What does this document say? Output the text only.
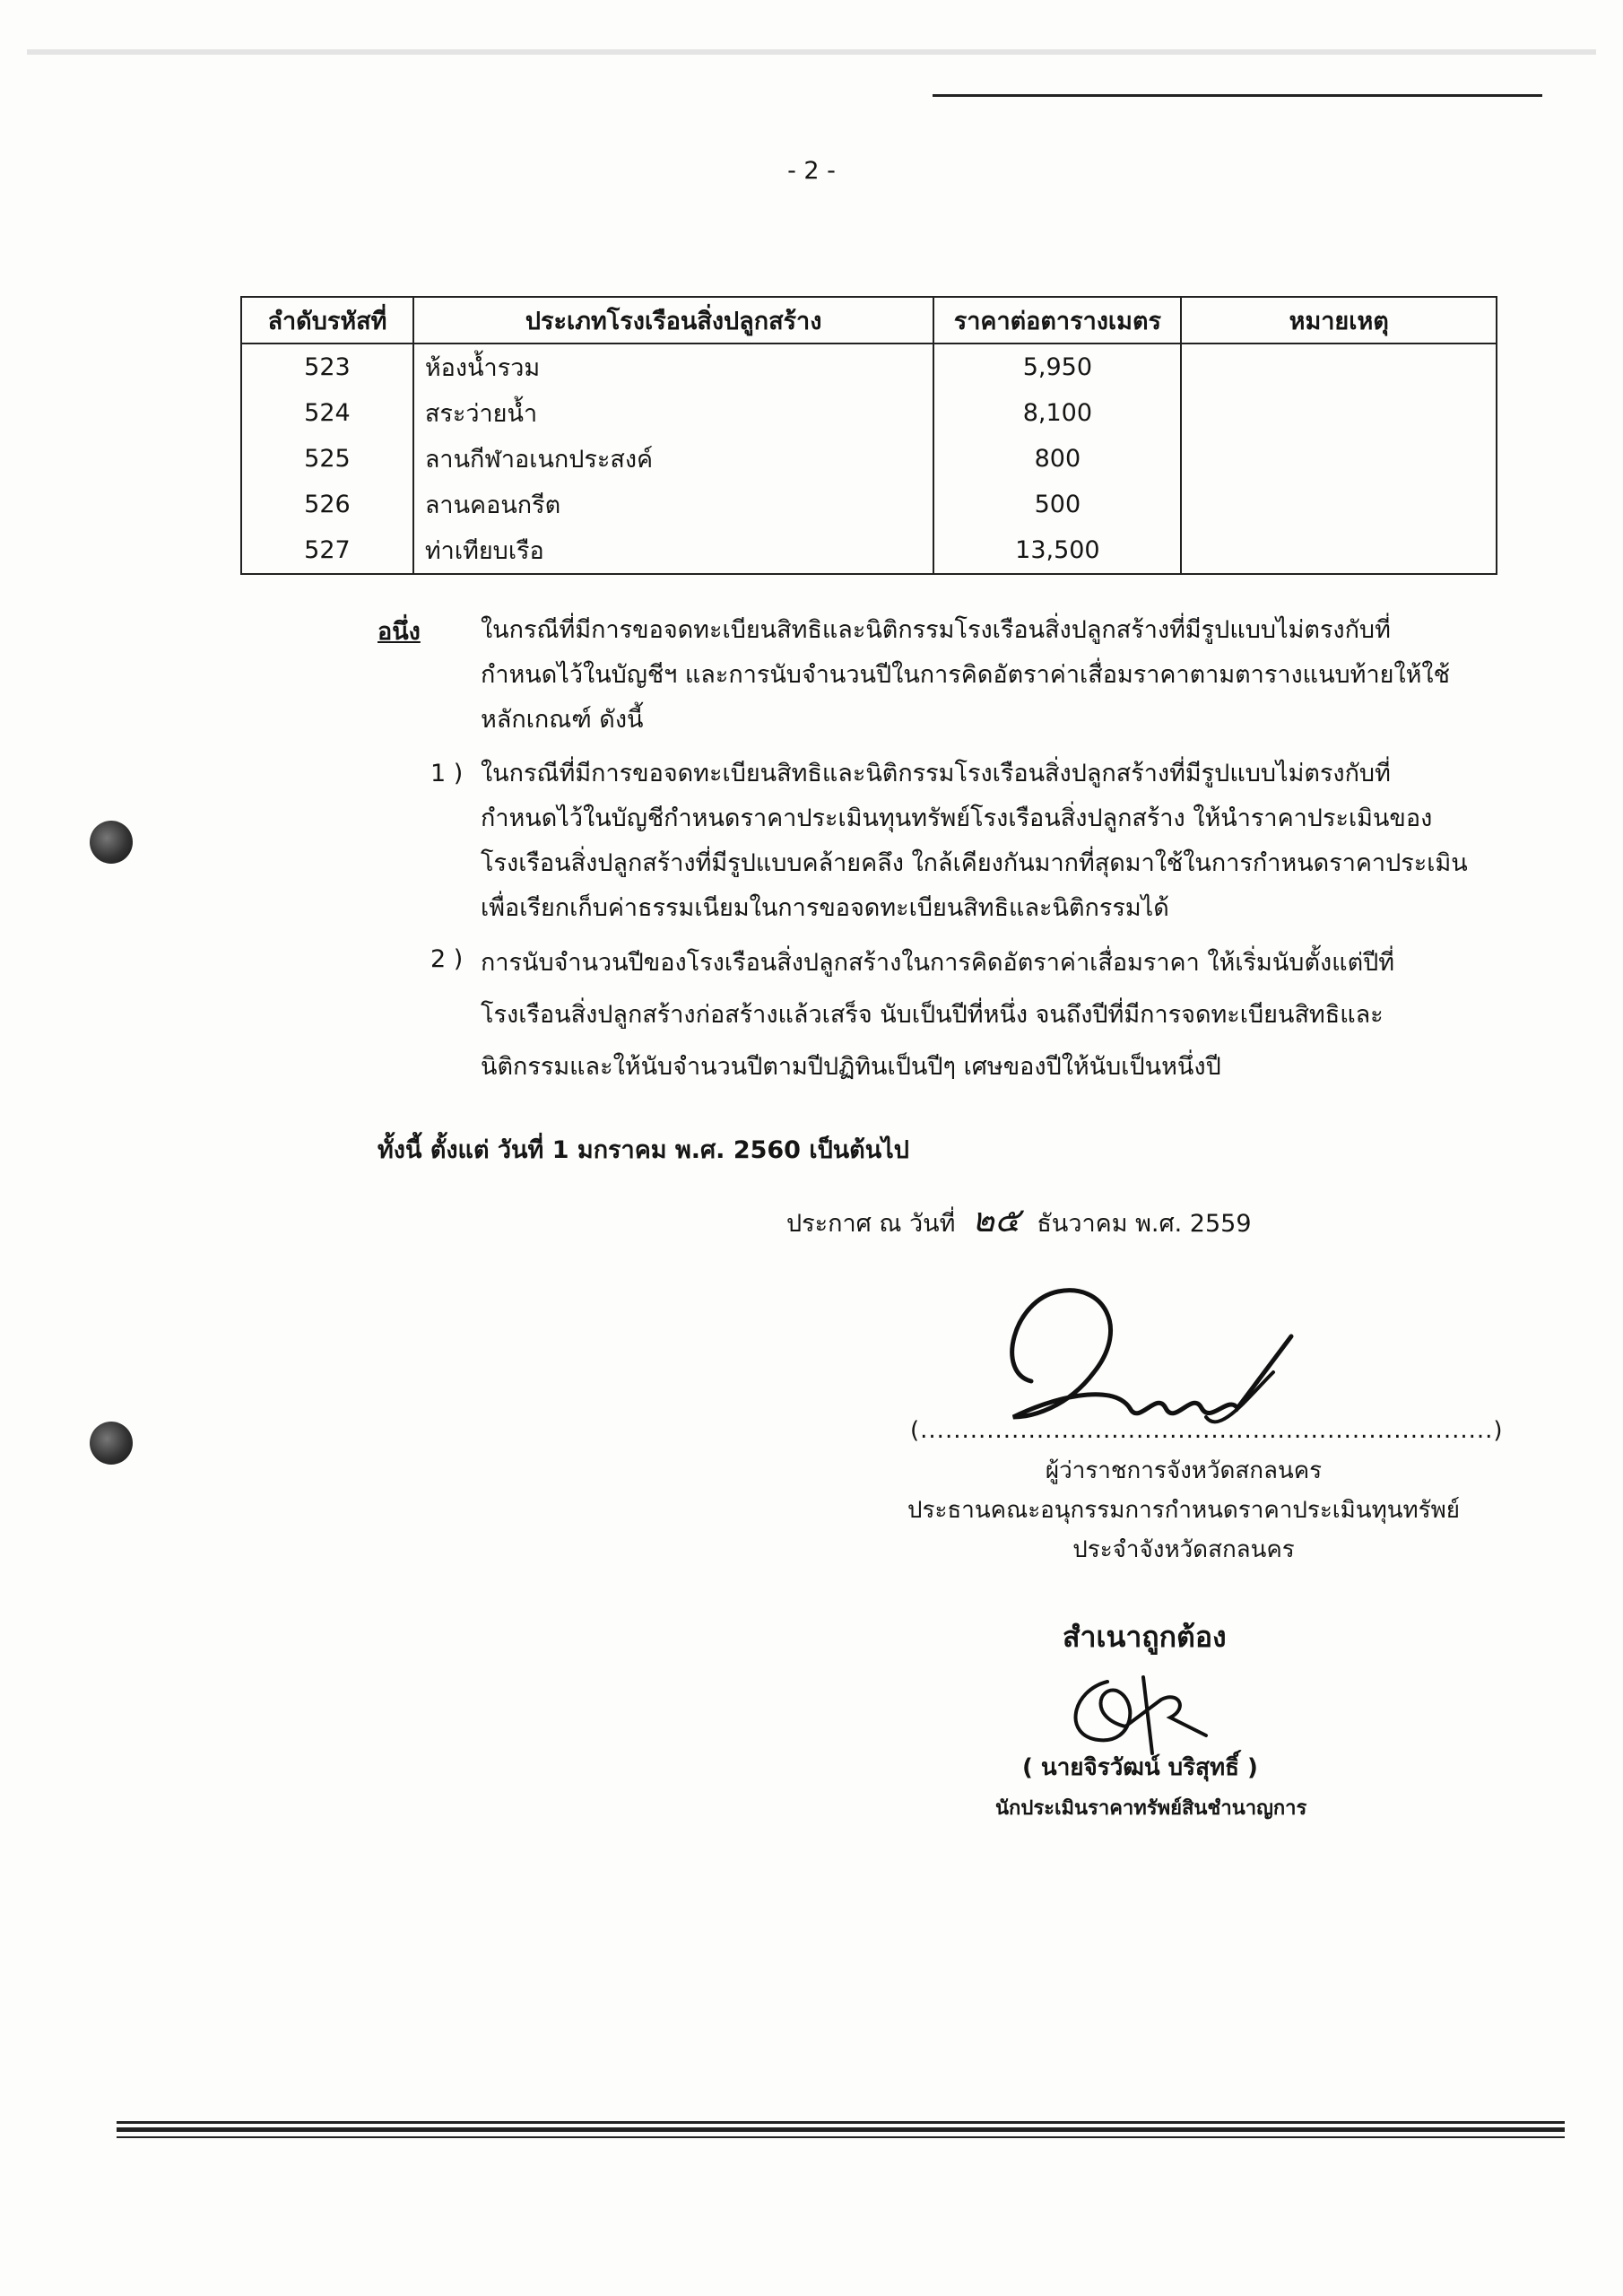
- 2 -
ลำดับรหัสที่	ประเภทโรงเรือนสิ่งปลูกสร้าง	ราคาต่อตารางเมตร	หมายเหตุ
523	ห้องน้ำรวม	5,950	
524	สระว่ายน้ำ	8,100	
525	ลานกีฬาอเนกประสงค์	800	
526	ลานคอนกรีต	500	
527	ท่าเทียบเรือ	13,500	
อนึ่ง ในกรณีที่มีการขอจดทะเบียนสิทธิและนิติกรรมโรงเรือนสิ่งปลูกสร้างที่มีรูปแบบไม่ตรงกับที่
กำหนดไว้ในบัญชีฯ และการนับจำนวนปีในการคิดอัตราค่าเสื่อมราคาตามตารางแนบท้ายให้ใช้
หลักเกณฑ์ ดังนี้
1 ) ในกรณีที่มีการขอจดทะเบียนสิทธิและนิติกรรมโรงเรือนสิ่งปลูกสร้างที่มีรูปแบบไม่ตรงกับที่
กำหนดไว้ในบัญชีกำหนดราคาประเมินทุนทรัพย์โรงเรือนสิ่งปลูกสร้าง ให้นำราคาประเมินของ
โรงเรือนสิ่งปลูกสร้างที่มีรูปแบบคล้ายคลึง ใกล้เคียงกันมากที่สุดมาใช้ในการกำหนดราคาประเมิน
เพื่อเรียกเก็บค่าธรรมเนียมในการขอจดทะเบียนสิทธิและนิติกรรมได้
2 ) การนับจำนวนปีของโรงเรือนสิ่งปลูกสร้างในการคิดอัตราค่าเสื่อมราคา ให้เริ่มนับตั้งแต่ปีที่
โรงเรือนสิ่งปลูกสร้างก่อสร้างแล้วเสร็จ นับเป็นปีที่หนึ่ง จนถึงปีที่มีการจดทะเบียนสิทธิและ
นิติกรรมและให้นับจำนวนปีตามปีปฏิทินเป็นปีๆ เศษของปีให้นับเป็นหนึ่งปี
ทั้งนี้ ตั้งแต่ วันที่ 1 มกราคม พ.ศ. 2560 เป็นต้นไป
ประกาศ ณ วันที่ ๒๕ ธันวาคม พ.ศ. 2559
(.....................................................................)
ผู้ว่าราชการจังหวัดสกลนคร
ประธานคณะอนุกรรมการกำหนดราคาประเมินทุนทรัพย์
ประจำจังหวัดสกลนคร
สำเนาถูกต้อง
( นายจิรวัฒน์ บริสุทธิ์ )
นักประเมินราคาทรัพย์สินชำนาญการ
